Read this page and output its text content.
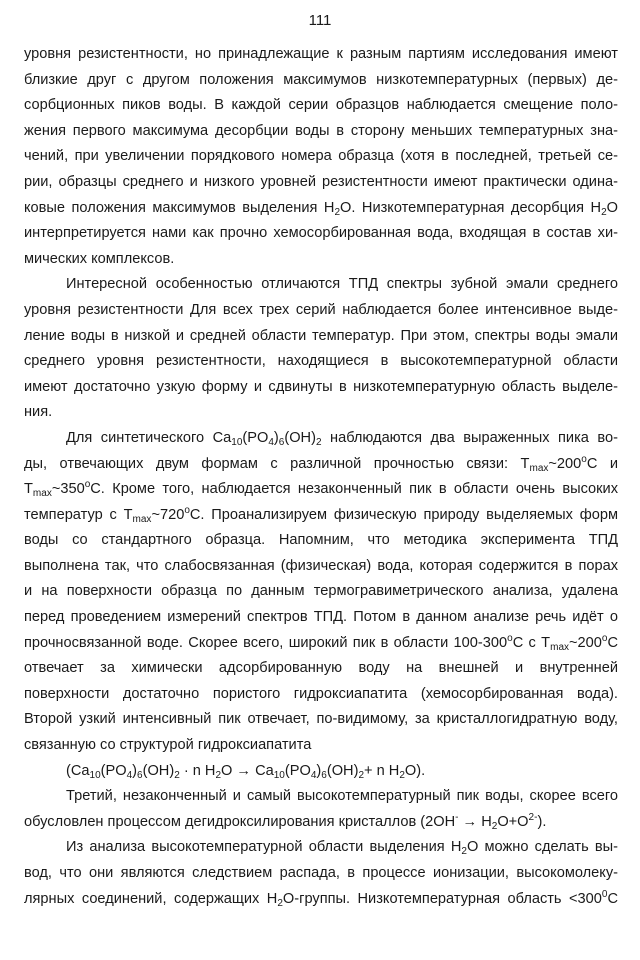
111
уровня резистентности, но принадлежащие к разным партиям исследования имеют
близкие друг с другом положения максимумов низкотемпературных (первых) де-
сорбционных пиков воды. В каждой серии образцов наблюдается смещение поло-
жения первого максимума десорбции воды в сторону меньших температурных зна-
чений, при увеличении порядкового номера образца (хотя в последней, третьей се-
рии, образцы среднего и низкого уровней резистентности имеют практически одина-
ковые положения максимумов выделения $H_2O$. Низкотемпературная десорбция $H_2O$
интерпретируется нами как прочно хемосорбированная вода, входящая в состав хи-
мических комплексов.
Интересной особенностью отличаются ТПД спектры зубной эмали среднего
уровня резистентности Для всех трех серий наблюдается более интенсивное выде-
ление воды в низкой и средней области температур. При этом, спектры воды эмали
среднего уровня резистентности, находящиеся в высокотемпературной области
имеют достаточно узкую форму и сдвинуты в низкотемпературную область выделе-
ния.
Для синтетического $Ca_{10}(PO_4)_6(OH)_2$ наблюдаются два выраженных пика во-
ды, отвечающих двум формам с различной прочностью связи: $T_{max}\sim 200^oC$ и
$T_{max}\sim 350^oC$. Кроме того, наблюдается незаконченный пик в области очень высоких
температур с $T_{max}\sim 720^oC$. Проанализируем физическую природу выделяемых форм
воды со стандартного образца. Напомним, что методика эксперимента ТПД
выполнена так, что слабосвязанная (физическая) вода, которая содержится в порах
и на поверхности образца по данным термогравиметрического анализа, удалена
перед проведением измерений спектров ТПД. Потом в данном анализе речь идёт о
прочносвязанной воде. Скорее всего, широкий пик в области 100-300$^o$C с $T_{max}\sim 200^oC$
отвечает за химически адсорбированную воду на внешней и внутренней
поверхности достаточно пористого гидроксиапатита (хемосорбированная вода).
Второй узкий интенсивный пик отвечает, по-видимому, за кристаллогидратную воду,
связанную со структурой гидроксиапатита
($Ca_{10}(PO_4)_6(OH)_2 \cdot n$ $H_2O \to Ca_{10}(PO_4)_6(OH)_2+ n$ $H_2O$).
Третий, незаконченный и самый высокотемпературный пик воды, скорее всего
обусловлен процессом дегидроксилирования кристаллов $(2OH^- \to H_2O+O^{2-})$.
Из анализа высокотемпературной области выделения $H_2O$ можно сделать вы-
вод, что они являются следствием распада, в процессе ионизации, высокомолеку-
лярных соединений, содержащих $H_2O$-группы. Низкотемпературная область $<300^0C$
